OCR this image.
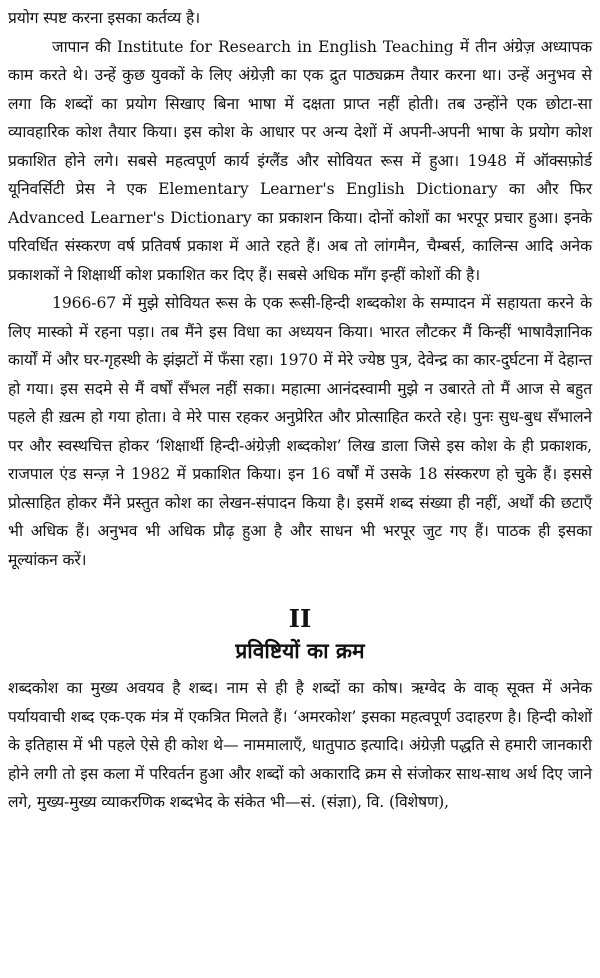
प्रयोग स्पष्ट करना इसका कर्तव्य है।

जापान की Institute for Research in English Teaching में तीन अंग्रेज़ अध्यापक काम करते थे। उन्हें कुछ युवकों के लिए अंग्रेज़ी का एक द्रुत पाठ्यक्रम तैयार करना था। उन्हें अनुभव से लगा कि शब्दों का प्रयोग सिखाए बिना भाषा में दक्षता प्राप्त नहीं होती। तब उन्होंने एक छोटा-सा व्यावहारिक कोश तैयार किया। इस कोश के आधार पर अन्य देशों में अपनी-अपनी भाषा के प्रयोग कोश प्रकाशित होने लगे। सबसे महत्वपूर्ण कार्य इंग्लैंड और सोवियत रूस में हुआ। 1948 में ऑक्सफ़ोर्ड यूनिवर्सिटी प्रेस ने एक Elementary Learner's English Dictionary का और फिर Advanced Learner's Dictionary का प्रकाशन किया। दोनों कोशों का भरपूर प्रचार हुआ। इनके परिवर्धित संस्करण वर्ष प्रतिवर्ष प्रकाश में आते रहते हैं। अब तो लांगमैन, चैम्बर्स, कालिन्स आदि अनेक प्रकाशकों ने शिक्षार्थी कोश प्रकाशित कर दिए हैं। सबसे अधिक माँग इन्हीं कोशों की है।

1966-67 में मुझे सोवियत रूस के एक रूसी-हिन्दी शब्दकोश के सम्पादन में सहायता करने के लिए मास्को में रहना पड़ा। तब मैंने इस विधा का अध्ययन किया। भारत लौटकर मैं किन्हीं भाषावैज्ञानिक कार्यों में और घर-गृहस्थी के झंझटों में फँसा रहा। 1970 में मेरे ज्येष्ठ पुत्र, देवेन्द्र का कार-दुर्घटना में देहान्त हो गया। इस सदमे से मैं वर्षों सँभल नहीं सका। महात्मा आनंदस्वामी मुझे न उबारते तो मैं आज से बहुत पहले ही ख़त्म हो गया होता। वे मेरे पास रहकर अनुप्रेरित और प्रोत्साहित करते रहे। पुनः सुध-बुध सँभालने पर और स्वस्थचित्त होकर ‘शिक्षार्थी हिन्दी-अंग्रेज़ी शब्दकोश’ लिख डाला जिसे इस कोश के ही प्रकाशक, राजपाल एंड सन्ज़ ने 1982 में प्रकाशित किया। इन 16 वर्षों में उसके 18 संस्करण हो चुके हैं। इससे प्रोत्साहित होकर मैंने प्रस्तुत कोश का लेखन-संपादन किया है। इसमें शब्द संख्या ही नहीं, अर्थों की छटाएँ भी अधिक हैं। अनुभव भी अधिक प्रौढ़ हुआ है और साधन भी भरपूर जुट गए हैं। पाठक ही इसका मूल्यांकन करें।

II
प्रविष्टियों का क्रम

शब्दकोश का मुख्य अवयव है शब्द। नाम से ही है शब्दों का कोष। ऋग्वेद के वाक् सूक्त में अनेक पर्यायवाची शब्द एक-एक मंत्र में एकत्रित मिलते हैं। ‘अमरकोश’ इसका महत्वपूर्ण उदाहरण है। हिन्दी कोशों के इतिहास में भी पहले ऐसे ही कोश थे— नाममालाएँ, धातुपाठ इत्यादि। अंग्रेज़ी पद्धति से हमारी जानकारी होने लगी तो इस कला में परिवर्तन हुआ और शब्दों को अकारादि क्रम से संजोकर साथ-साथ अर्थ दिए जाने लगे, मुख्य-मुख्य व्याकरणिक शब्दभेद के संकेत भी—सं. (संज्ञा), वि. (विशेषण),
